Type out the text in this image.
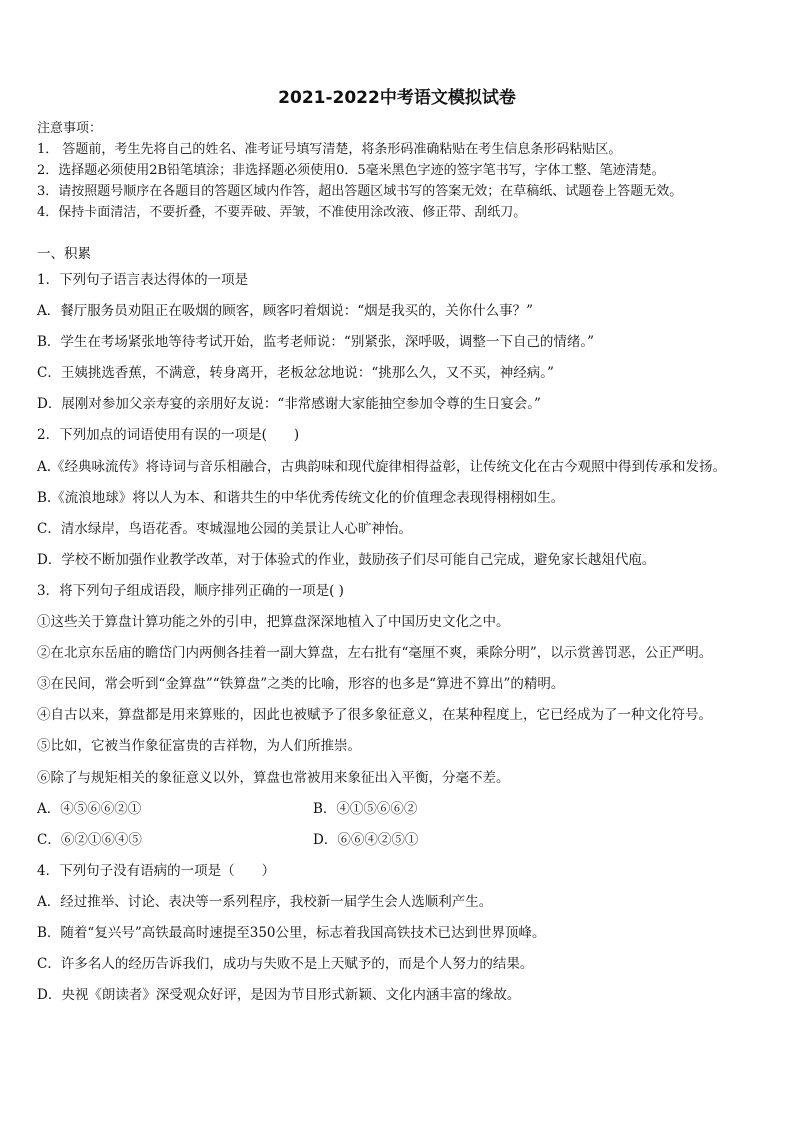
2021-2022中考语文模拟试卷
注意事项：
1． 答题前，考生先将自己的姓名、准考证号填写清楚，将条形码准确粘贴在考生信息条形码粘贴区。
2．选择题必须使用2B铅笔填涂；非选择题必须使用0．5毫米黑色字迹的签字笔书写，字体工整、笔迹清楚。
3．请按照题号顺序在各题目的答题区域内作答，超出答题区域书写的答案无效；在草稿纸、试题卷上答题无效。
4．保持卡面清洁，不要折叠，不要弄破、弄皱，不准使用涂改液、修正带、刮纸刀。
一、积累
1．下列句子语言表达得体的一项是
A．餐厅服务员劝阻正在吸烟的顾客，顾客叼着烟说：“烟是我买的，关你什么事？”
B．学生在考场紧张地等待考试开始，监考老师说：“别紧张，深呼吸，调整一下自己的情绪。”
C．王姨挑选香蕉，不满意，转身离开，老板忿忿地说：“挑那么久，又不买，神经病。”
D．展刚对参加父亲寿宴的亲朋好友说：“非常感谢大家能抽空参加令尊的生日宴会。”
2．下列加点的词语使用有误的一项是(　　)
A.《经典咏流传》将诗词与音乐相融合，古典韵味和现代旋律相得益彰，让传统文化在古今观照中得到传承和发扬。
B.《流浪地球》将以人为本、和谐共生的中华优秀传统文化的价值理念表现得栩栩如生。
C．清水绿岸，鸟语花香。枣城湿地公园的美景让人心旷神怡。
D．学校不断加强作业教学改革，对于体验式的作业，鼓励孩子们尽可能自己完成，避免家长越俎代庖。
3．将下列句子组成语段，顺序排列正确的一项是( )
①这些关于算盘计算功能之外的引申，把算盘深深地植入了中国历史文化之中。
②在北京东岳庙的瞻岱门内两侧各挂着一副大算盘，左右批有“毫厘不爽，乘除分明”，以示赏善罚恶，公正严明。
③在民间，常会听到“金算盘”“铁算盘”之类的比喻，形容的也多是“算进不算出”的精明。
④自古以来，算盘都是用来算账的，因此也被赋予了很多象征意义，在某种程度上，它已经成为了一种文化符号。
⑤比如，它被当作象征富贵的吉祥物，为人们所推崇。
⑥除了与规矩相关的象征意义以外，算盘也常被用来象征出入平衡，分毫不差。
A．④⑤⑥⑥②①	B．④①⑤⑥⑥②
C．⑥②①⑥④⑤	D．⑥⑥④②⑤①
4．下列句子没有语病的一项是（　　）
A．经过推举、讨论、表决等一系列程序，我校新一届学生会人选顺利产生。
B．随着“复兴号”高铁最高时速提至350公里，标志着我国高铁技术已达到世界顶峰。
C．许多名人的经历告诉我们，成功与失败不是上天赋予的，而是个人努力的结果。
D．央视《朗读者》深受观众好评，是因为节目形式新颖、文化内涵丰富的缘故。
